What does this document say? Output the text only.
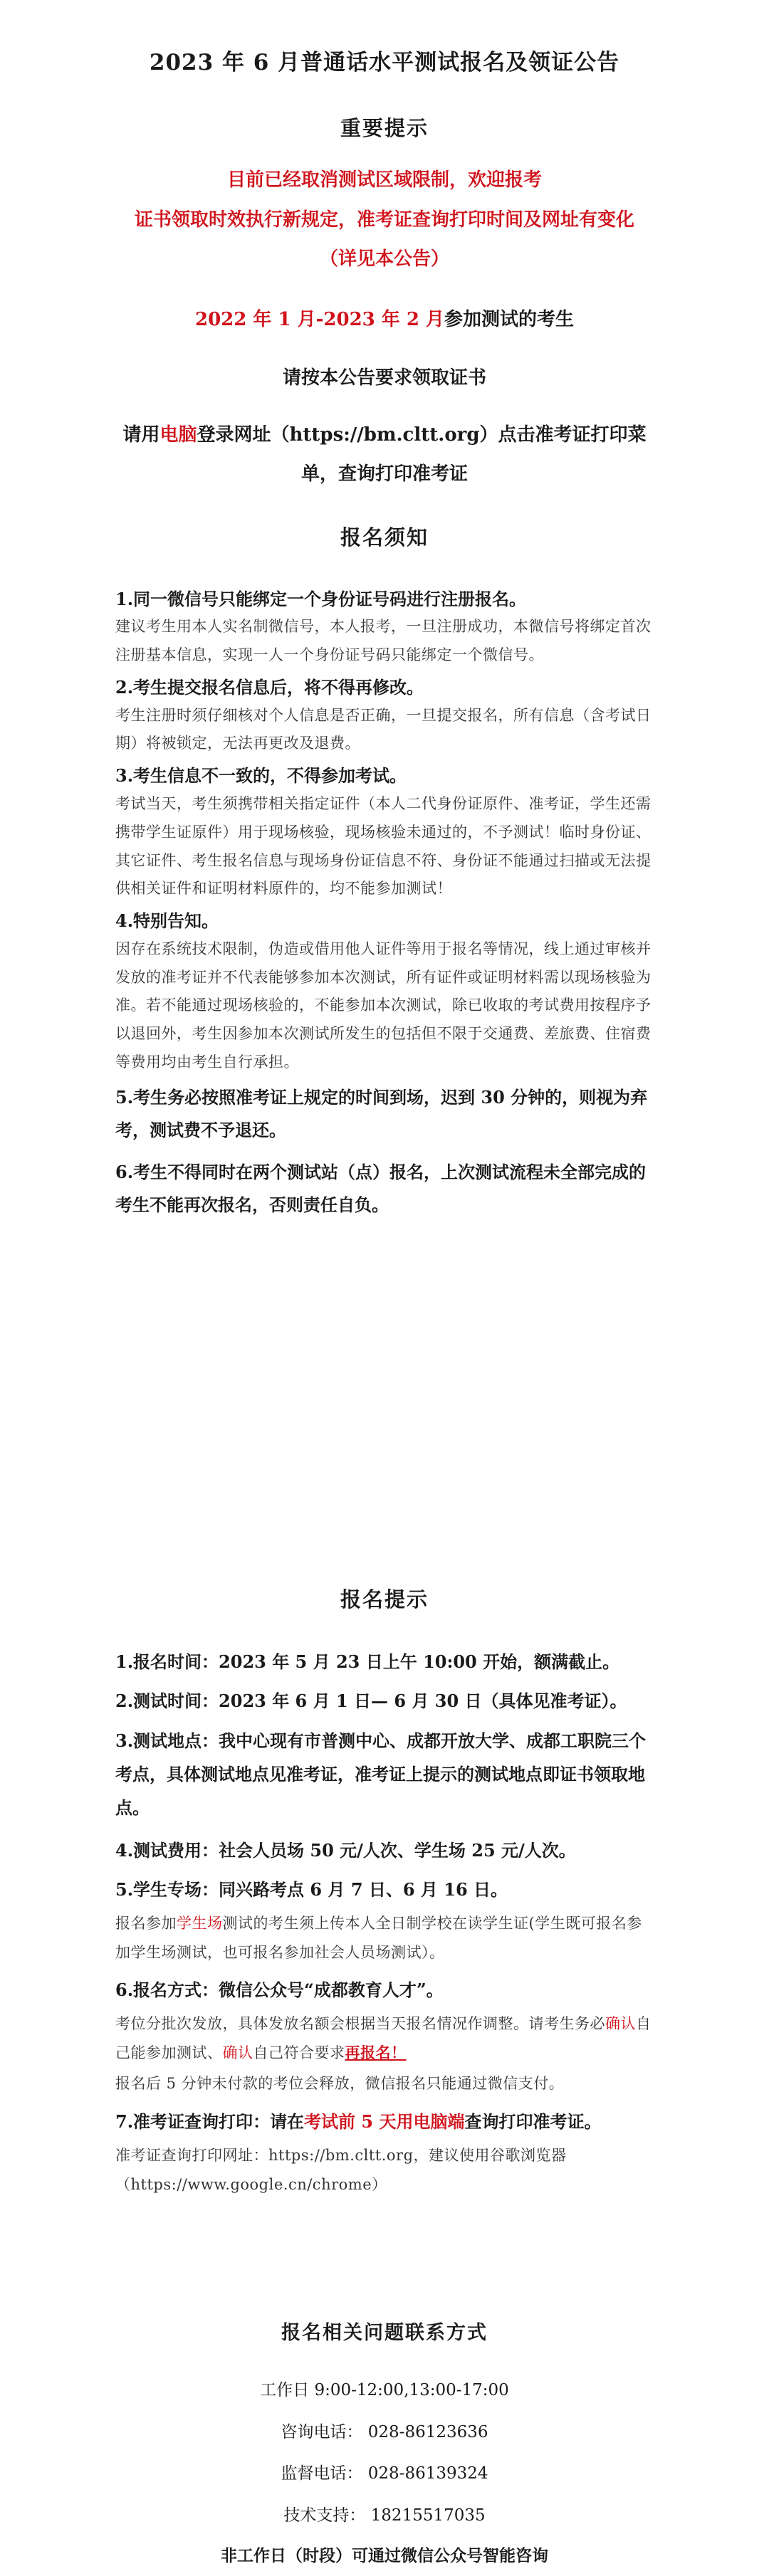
2023 年 6 月普通话水平测试报名及领证公告
重要提示
目前已经取消测试区域限制，欢迎报考
证书领取时效执行新规定，准考证查询打印时间及网址有变化
（详见本公告）
2022 年 1 月-2023 年 2 月参加测试的考生
请按本公告要求领取证书
请用电脑登录网址（https://bm.cltt.org）点击准考证打印菜
单，查询打印准考证
报名须知
1.同一微信号只能绑定一个身份证号码进行注册报名。
建议考生用本人实名制微信号，本人报考，一旦注册成功，本微信号将绑定首次注册基本信息，实现一人一个身份证号码只能绑定一个微信号。
2.考生提交报名信息后，将不得再修改。
考生注册时须仔细核对个人信息是否正确，一旦提交报名，所有信息（含考试日期）将被锁定，无法再更改及退费。
3.考生信息不一致的，不得参加考试。
考试当天，考生须携带相关指定证件（本人二代身份证原件、准考证，学生还需携带学生证原件）用于现场核验，现场核验未通过的，不予测试！临时身份证、其它证件、考生报名信息与现场身份证信息不符、身份证不能通过扫描或无法提供相关证件和证明材料原件的，均不能参加测试！
4.特别告知。
因存在系统技术限制，伪造或借用他人证件等用于报名等情况，线上通过审核并发放的准考证并不代表能够参加本次测试，所有证件或证明材料需以现场核验为准。若不能通过现场核验的，不能参加本次测试，除已收取的考试费用按程序予以退回外，考生因参加本次测试所发生的包括但不限于交通费、差旅费、住宿费等费用均由考生自行承担。
5.考生务必按照准考证上规定的时间到场，迟到 30 分钟的，则视为弃考，测试费不予退还。
6.考生不得同时在两个测试站（点）报名，上次测试流程未全部完成的考生不能再次报名，否则责任自负。
报名提示
1.报名时间：2023 年 5 月 23 日上午 10:00 开始，额满截止。
2.测试时间：2023 年 6 月 1 日— 6 月 30 日（具体见准考证）。
3.测试地点：我中心现有市普测中心、成都开放大学、成都工职院三个考点，具体测试地点见准考证，准考证上提示的测试地点即证书领取地点。
4.测试费用：社会人员场 50 元/人次、学生场 25 元/人次。
5.学生专场：同兴路考点 6 月 7 日、6 月 16 日。
报名参加学生场测试的考生须上传本人全日制学校在读学生证(学生既可报名参加学生场测试，也可报名参加社会人员场测试）。
6.报名方式：微信公众号“成都教育人才”。
考位分批次发放，具体发放名额会根据当天报名情况作调整。请考生务必确认自己能参加测试、确认自己符合要求再报名！
报名后 5 分钟未付款的考位会释放，微信报名只能通过微信支付。
7.准考证查询打印：请在考试前 5 天用电脑端查询打印准考证。
准考证查询打印网址：https://bm.cltt.org，建议使用谷歌浏览器（https://www.google.cn/chrome）
报名相关问题联系方式
工作日 9:00-12:00,13:00-17:00
咨询电话： 028-86123636
监督电话： 028-86139324
技术支持： 18215517035
非工作日（时段）可通过微信公众号智能咨询
